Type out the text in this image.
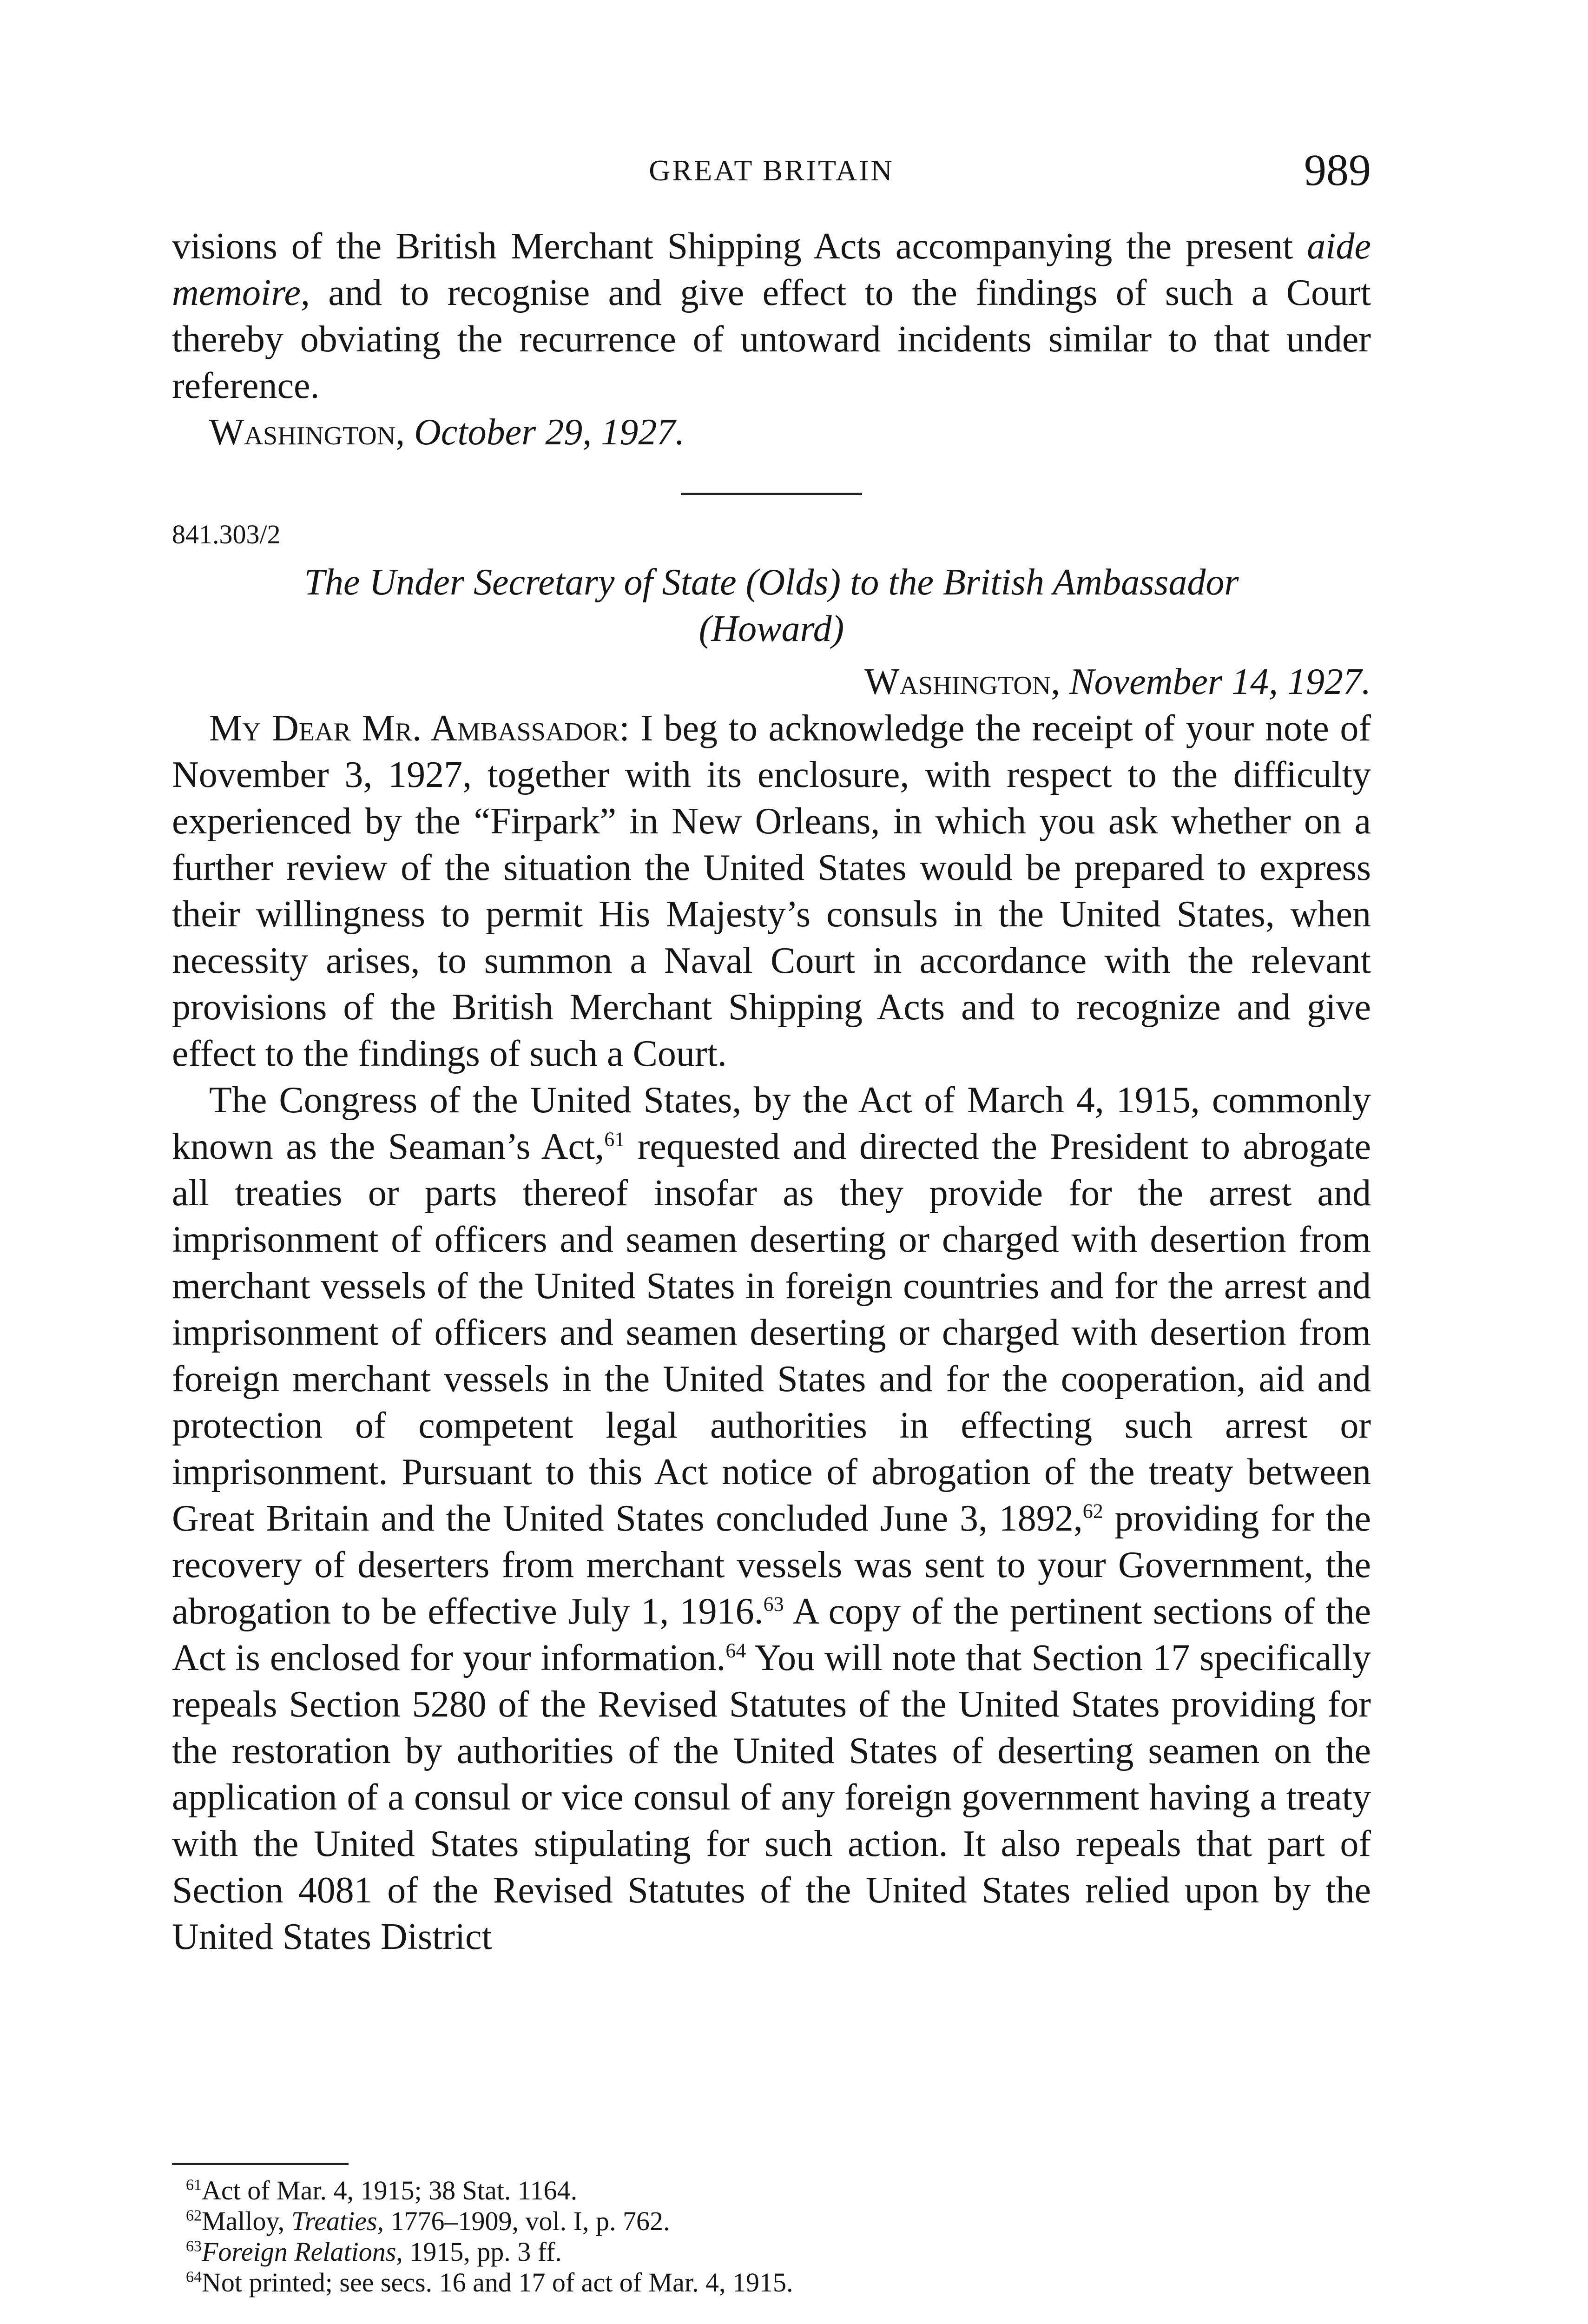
GREAT BRITAIN	989

visions of the British Merchant Shipping Acts accompanying the present aide memoire, and to recognise and give effect to the findings of such a Court thereby obviating the recurrence of untoward incidents similar to that under reference.

Washington, October 29, 1927.

841.303/2

The Under Secretary of State (Olds) to the British Ambassador
(Howard)

Washington, November 14, 1927.

My Dear Mr. Ambassador: I beg to acknowledge the receipt of your note of November 3, 1927, together with its enclosure, with respect to the difficulty experienced by the “Firpark” in New Orleans, in which you ask whether on a further review of the situation the United States would be prepared to express their willingness to permit His Majesty’s consuls in the United States, when necessity arises, to summon a Naval Court in accordance with the relevant provisions of the British Merchant Shipping Acts and to recognize and give effect to the findings of such a Court.

The Congress of the United States, by the Act of March 4, 1915, commonly known as the Seaman’s Act,$^{61}$ requested and directed the President to abrogate all treaties or parts thereof insofar as they provide for the arrest and imprisonment of officers and seamen deserting or charged with desertion from merchant vessels of the United States in foreign countries and for the arrest and imprisonment of officers and seamen deserting or charged with desertion from foreign merchant vessels in the United States and for the cooperation, aid and protection of competent legal authorities in effecting such arrest or imprisonment. Pursuant to this Act notice of abrogation of the treaty between Great Britain and the United States concluded June 3, 1892,62 providing for the recovery of deserters from merchant vessels was sent to your Government, the abrogation to be effective July 1, 1916.63 A copy of the pertinent sections of the Act is enclosed for your information.$^{64}$ You will note that Section 17 specifically repeals Section 5280 of the Revised Statutes of the United States providing for the restoration by authorities of the United States of deserting seamen on the application of a consul or vice consul of any foreign government having a treaty with the United States stipulating for such action. It also repeals that part of Section 4081 of the Revised Statutes of the United States relied upon by the United States District

$^{61}$Act of Mar. 4, 1915; 38 Stat. 1164.

$^{62}$Malloy, Treaties, 1776–1909, vol. I, p. 762.

$^{63}$Foreign Relations, 1915, pp. 3 ff.

$^{64}$Not printed; see secs. 16 and 17 of act of Mar. 4, 1915.
